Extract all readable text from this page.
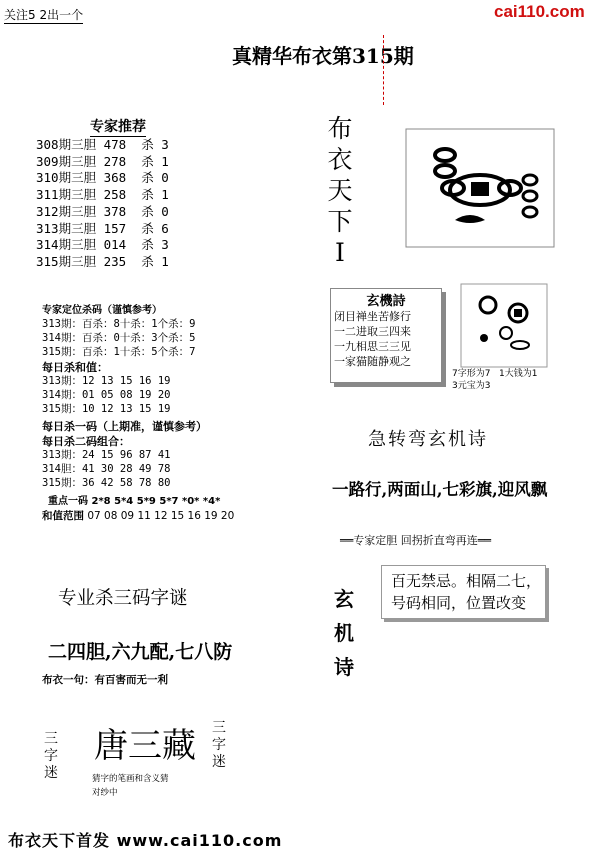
关注5 2出一个	cai110.com
真精华布衣第315期
专家推荐
308期三胆 478  杀 3
309期三胆 278  杀 1
310期三胆 368  杀 0
311期三胆 258  杀 1
312期三胆 378  杀 0
313期三胆 157  杀 6
314期三胆 014  杀 3
315期三胆 235  杀 1
布
衣
天
下
I
专家定位杀码（谨慎参考）
313期：百杀：8十杀：1个杀：9
314期：百杀：0十杀：3个杀：5
315期：百杀：1十杀：5个杀：7
每日杀和值：
313期：12 13 15 16 19
314期：01 05 08 19 20
315期：10 12 13 15 19
每日杀一码（上期准，谨慎参考）
每日杀二码组合：
313期：24 15 96 87 41
314胆：41 30 28 49 78
315期：36 42 58 78 80
重点一码 2*8 5*4 5*9 5*7 *0* *4*
和值范围 07 08 09 11 12 15 16 19 20
玄機詩
闭目禅坐苦修行
一二进取三四来
一九相思三三见
一家猫随静观之
7字形为7 1大钱为1
3元宝为3
急转弯玄机诗
一路行,两面山,七彩旗,迎风飘
══专家定胆 回拐折直弯再连══
专业杀三码字谜
二四胆,六九配,七八防
布衣一句：有百害而无一利
玄
机
诗
百无禁忌。相隔二七，
号码相同，位置改变
三
字
迷
唐三藏 三
字
迷
猜字的笔画和含义猜
对纱中
布衣天下首发 www.cai110.com
